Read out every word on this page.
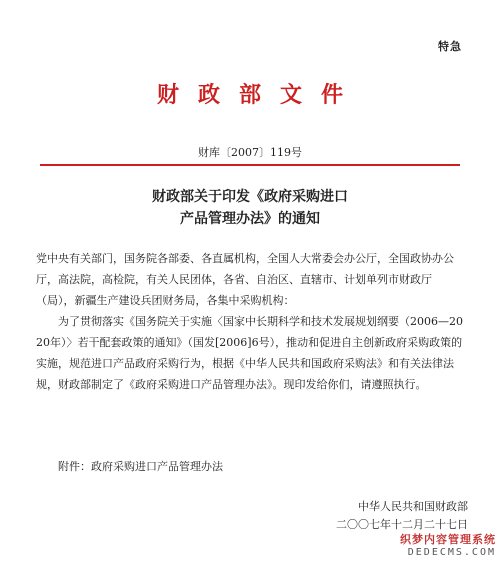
特急
财政部文件
财库〔2007〕119号
财政部关于印发《政府采购进口
产品管理办法》的通知

党中央有关部门，国务院各部委、各直属机构，全国人大常委会办公厅，全国政协办公厅，高法院，高检院，有关人民团体，各省、自治区、直辖市、计划单列市财政厅（局），新疆生产建设兵团财务局，各集中采购机构：

为了贯彻落实《国务院关于实施〈国家中长期科学和技术发展规划纲要（2006—2020年）〉若干配套政策的通知》（国发[2006]6号），推动和促进自主创新政府采购政策的实施，规范进口产品政府采购行为，根据《中华人民共和国政府采购法》和有关法律法规，财政部制定了《政府采购进口产品管理办法》。现印发给你们，请遵照执行。

附件：政府采购进口产品管理办法
中华人民共和国财政部
二〇〇七年十二月二十七日
织梦内容管理系统
DEDECMS.COM
